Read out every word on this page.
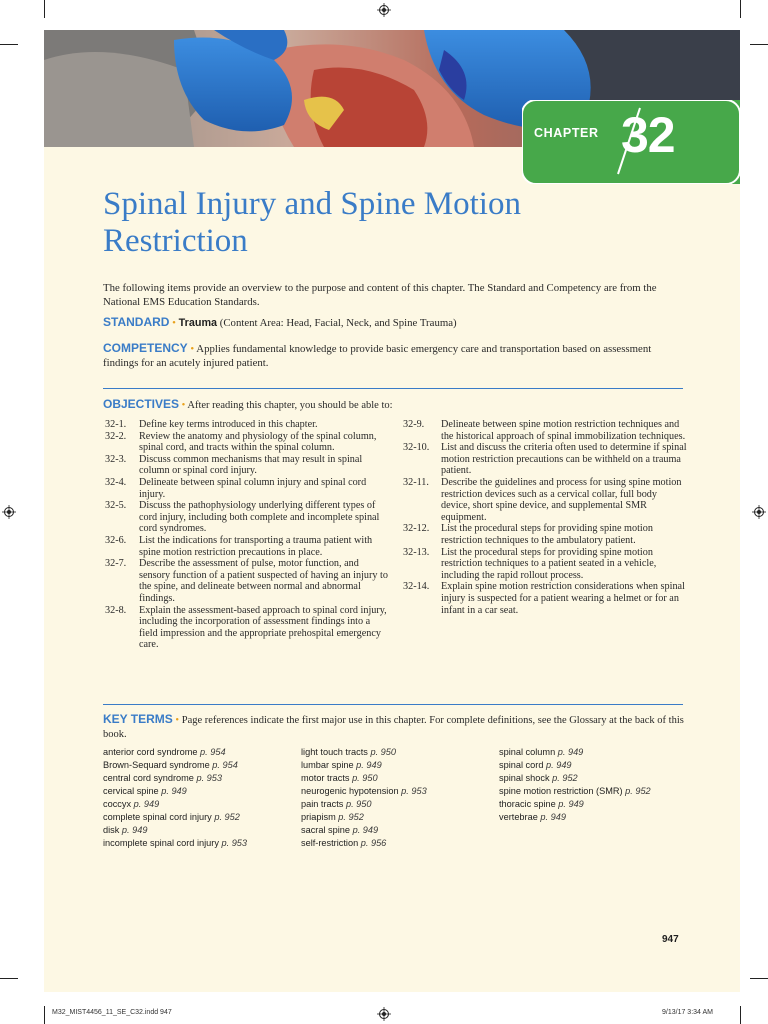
CHAPTER 32
Spinal Injury and Spine Motion Restriction

The following items provide an overview to the purpose and content of this chapter. The Standard and Competency are from the National EMS Education Standards.

STANDARD • Trauma (Content Area: Head, Facial, Neck, and Spine Trauma)

COMPETENCY • Applies fundamental knowledge to provide basic emergency care and transportation based on assessment findings for an acutely injured patient.

OBJECTIVES • After reading this chapter, you should be able to:

32-1. Define key terms introduced in this chapter.
32-2. Review the anatomy and physiology of the spinal column, spinal cord, and tracts within the spinal column.
32-3. Discuss common mechanisms that may result in spinal column or spinal cord injury.
32-4. Delineate between spinal column injury and spinal cord injury.
32-5. Discuss the pathophysiology underlying different types of cord injury, including both complete and incomplete spinal cord syndromes.
32-6. List the indications for transporting a trauma patient with spine motion restriction precautions in place.
32-7. Describe the assessment of pulse, motor function, and sensory function of a patient suspected of having an injury to the spine, and delineate between normal and abnormal findings.
32-8. Explain the assessment-based approach to spinal cord injury, including the incorporation of assessment findings into a field impression and the appropriate prehospital emergency care.
32-9. Delineate between spine motion restriction techniques and the historical approach of spinal immobilization techniques.
32-10. List and discuss the criteria often used to determine if spinal motion restriction precautions can be withheld on a trauma patient.
32-11. Describe the guidelines and process for using spine motion restriction devices such as a cervical collar, full body device, short spine device, and supplemental SMR equipment.
32-12. List the procedural steps for providing spine motion restriction techniques to the ambulatory patient.
32-13. List the procedural steps for providing spine motion restriction techniques to a patient seated in a vehicle, including the rapid rollout process.
32-14. Explain spine motion restriction considerations when spinal injury is suspected for a patient wearing a helmet or for an infant in a car seat.

KEY TERMS • Page references indicate the first major use in this chapter. For complete definitions, see the Glossary at the back of this book.

anterior cord syndrome p. 954
Brown-Sequard syndrome p. 954
central cord syndrome p. 953
cervical spine p. 949
coccyx p. 949
complete spinal cord injury p. 952
disk p. 949
incomplete spinal cord injury p. 953
light touch tracts p. 950
lumbar spine p. 949
motor tracts p. 950
neurogenic hypotension p. 953
pain tracts p. 950
priapism p. 952
sacral spine p. 949
self-restriction p. 956
spinal column p. 949
spinal cord p. 949
spinal shock p. 952
spine motion restriction (SMR) p. 952
thoracic spine p. 949
vertebrae p. 949
947
M32_MIST4456_11_SE_C32.indd 947	9/13/17 3:34 AM
